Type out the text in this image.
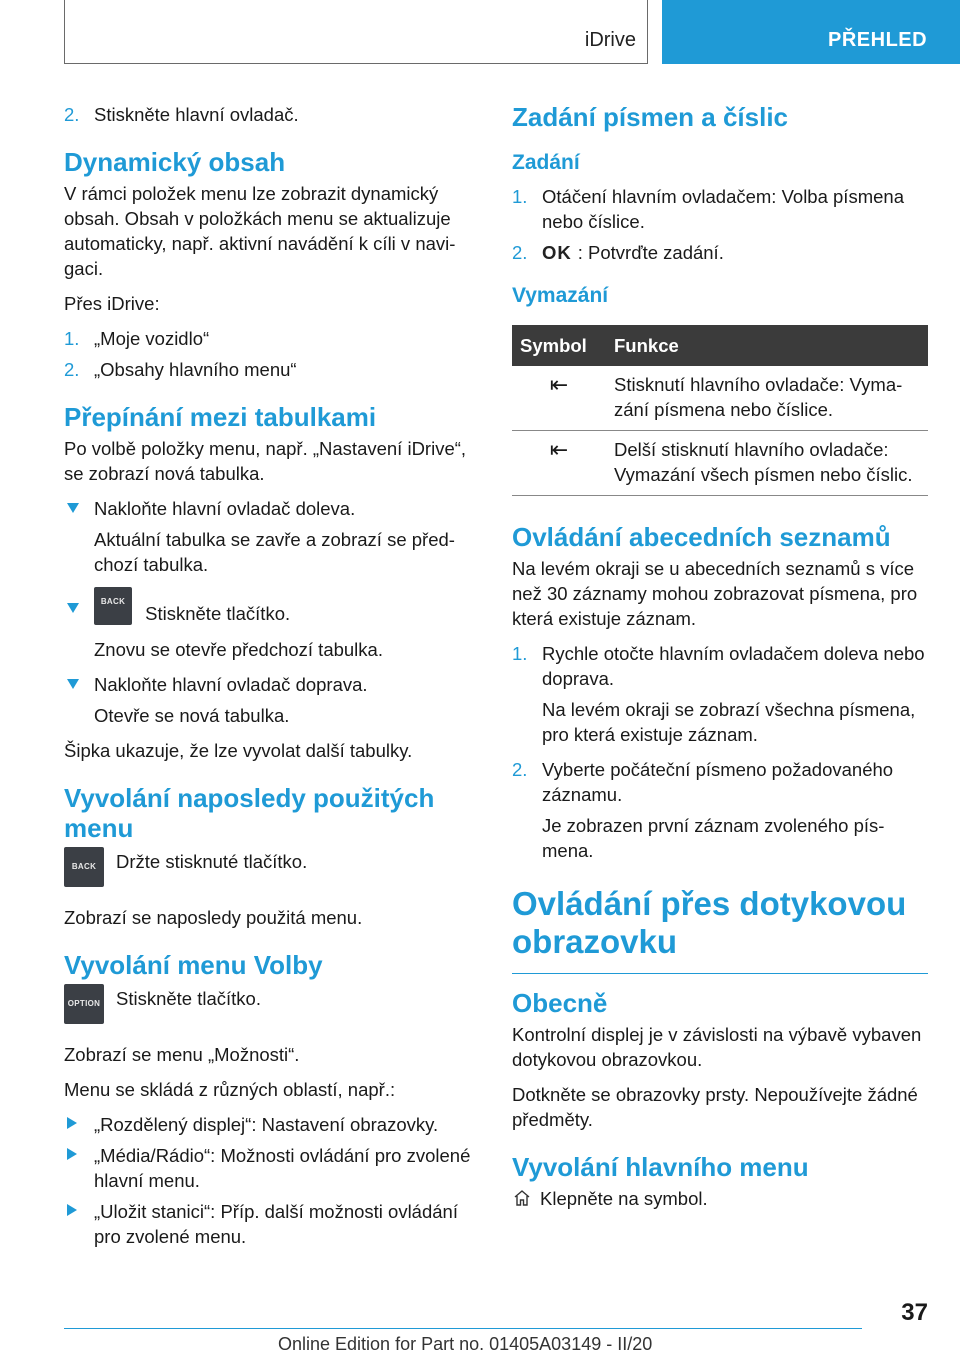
iDrive	PŘEHLED
2. Stiskněte hlavní ovladač.
Dynamický obsah

V rámci položek menu lze zobrazit dynamický obsah. Obsah v položkách menu se aktualizuje automaticky, např. aktivní navádění k cíli v navigaci.

Přes iDrive:

1. „Moje vozidlo“
2. „Obsahy hlavního menu“
Přepínání mezi tabulkami

Po volbě položky menu, např. „Nastavení iDrive“, se zobrazí nová tabulka.

Nakloňte hlavní ovladač doleva.
Aktuální tabulka se zavře a zobrazí se předchozí tabulka.
BACK Stiskněte tlačítko.
Znovu se otevře předchozí tabulka.
Nakloňte hlavní ovladač doprava.
Otevře se nová tabulka.

Šipka ukazuje, že lze vyvolat další tabulky.

Vyvolání naposledy použitých menu
BACK	Držte stisknuté tlačítko.

Zobrazí se naposledy použitá menu.

Vyvolání menu Volby
OPTION Stiskněte tlačítko.

Zobrazí se menu „Možnosti“.

Menu se skládá z různých oblastí, např.:

„Rozdělený displej“: Nastavení obrazovky.
„Média/Rádio“: Možnosti ovládání pro zvolené hlavní menu.
„Uložit stanici“: Příp. další možnosti ovládání pro zvolené menu.
Zadání písmen a číslic
Zadání
1. Otáčení hlavním ovladačem: Volba písmena nebo číslice.
2. OK : Potvrďte zadání.
Vymazání
Symbol	Funkce
⇤	Stisknutí hlavního ovladače: Vymazání písmena nebo číslice.
⇤	Delší stisknutí hlavního ovladače: Vymazání všech písmen nebo číslic.
Ovládání abecedních seznamů

Na levém okraji se u abecedních seznamů s více než 30 záznamy mohou zobrazovat písmena, pro která existuje záznam.

1. Rychle otočte hlavním ovladačem doleva nebo doprava.
Na levém okraji se zobrazí všechna písmena, pro která existuje záznam.
2. Vyberte počáteční písmeno požadovaného záznamu.
Je zobrazen první záznam zvoleného písmena.
Ovládání přes dotykovou obrazovku
Obecně

Kontrolní displej je v závislosti na výbavě vybaven dotykovou obrazovkou.

Dotkněte se obrazovky prsty. Nepoužívejte žádné předměty.

Vyvolání hlavního menu
Klepněte na symbol.
37
Online Edition for Part no. 01405A03149 - II/20
